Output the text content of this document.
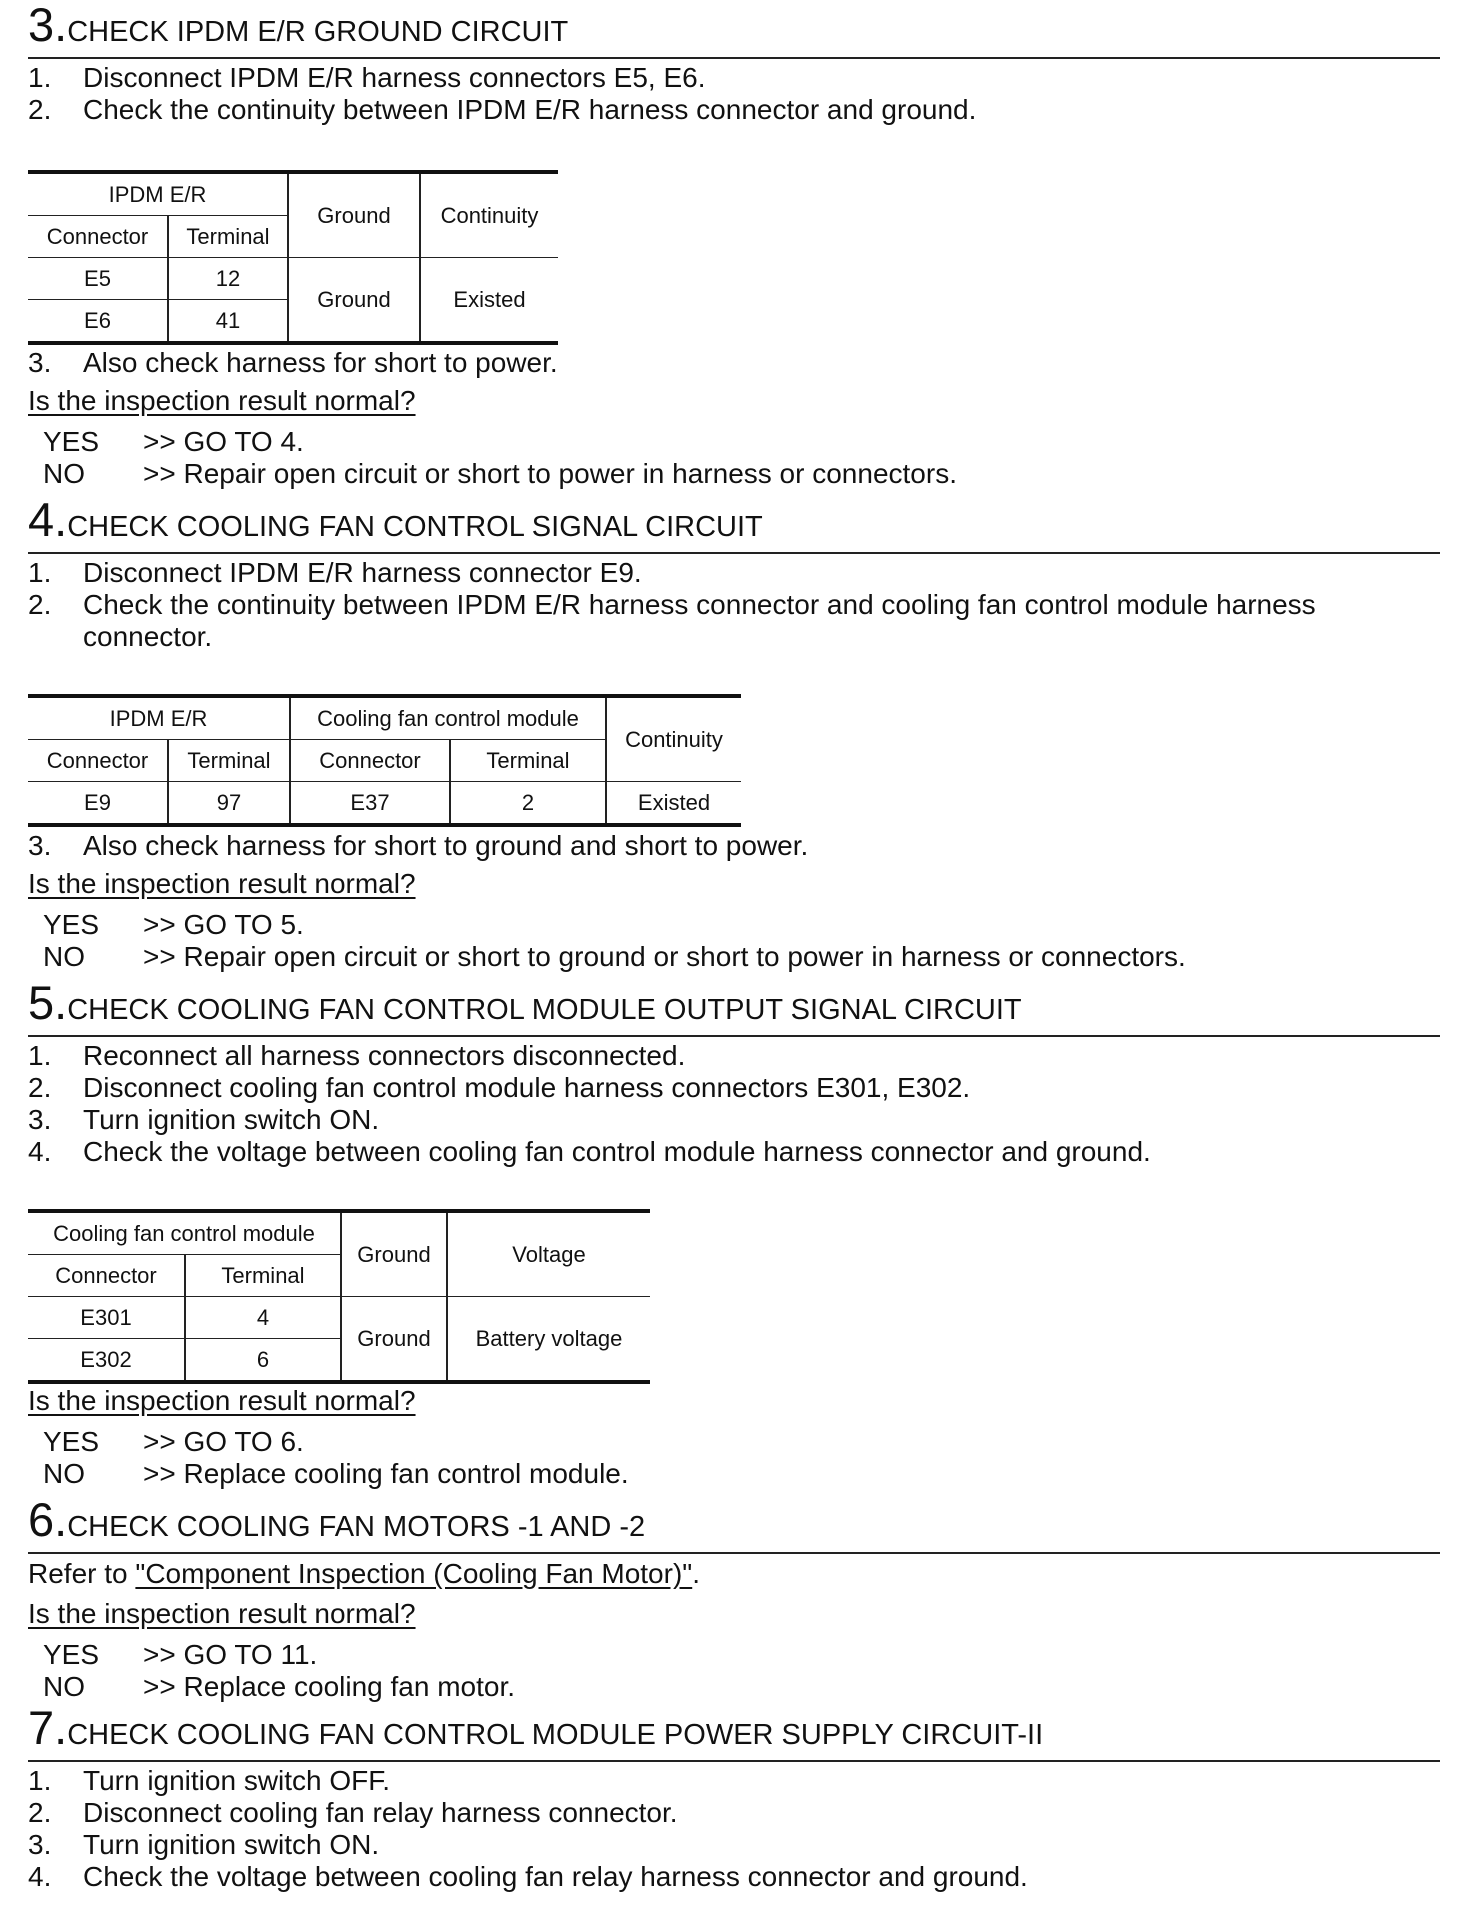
3.CHECK IPDM E/R GROUND CIRCUIT
1. Disconnect IPDM E/R harness connectors E5, E6.
2. Check the continuity between IPDM E/R harness connector and ground.
IPDM E/R		Ground	Continuity
Connector	Terminal		
E5	12	Ground	Existed
E6	41		
3. Also check harness for short to power.
Is the inspection result normal?
YES >> GO TO 4.
NO >> Repair open circuit or short to power in harness or connectors.
4.CHECK COOLING FAN CONTROL SIGNAL CIRCUIT
1. Disconnect IPDM E/R harness connector E9.
2. Check the continuity between IPDM E/R harness connector and cooling fan control module harness connector.
IPDM E/R		Cooling fan control module		Continuity
Connector	Terminal	Connector	Terminal	
E9	97	E37	2	Existed
3. Also check harness for short to ground and short to power.
Is the inspection result normal?
YES >> GO TO 5.
NO >> Repair open circuit or short to ground or short to power in harness or connectors.
5.CHECK COOLING FAN CONTROL MODULE OUTPUT SIGNAL CIRCUIT
1. Reconnect all harness connectors disconnected.
2. Disconnect cooling fan control module harness connectors E301, E302.
3. Turn ignition switch ON.
4. Check the voltage between cooling fan control module harness connector and ground.
Cooling fan control module		Ground	Voltage
Connector	Terminal		
E301	4	Ground	Battery voltage
E302	6		
Is the inspection result normal?
YES >> GO TO 6.
NO >> Replace cooling fan control module.
6.CHECK COOLING FAN MOTORS -1 AND -2
Refer to "Component Inspection (Cooling Fan Motor)".
Is the inspection result normal?
YES >> GO TO 11.
NO >> Replace cooling fan motor.
7.CHECK COOLING FAN CONTROL MODULE POWER SUPPLY CIRCUIT-II
1. Turn ignition switch OFF.
2. Disconnect cooling fan relay harness connector.
3. Turn ignition switch ON.
4. Check the voltage between cooling fan relay harness connector and ground.
